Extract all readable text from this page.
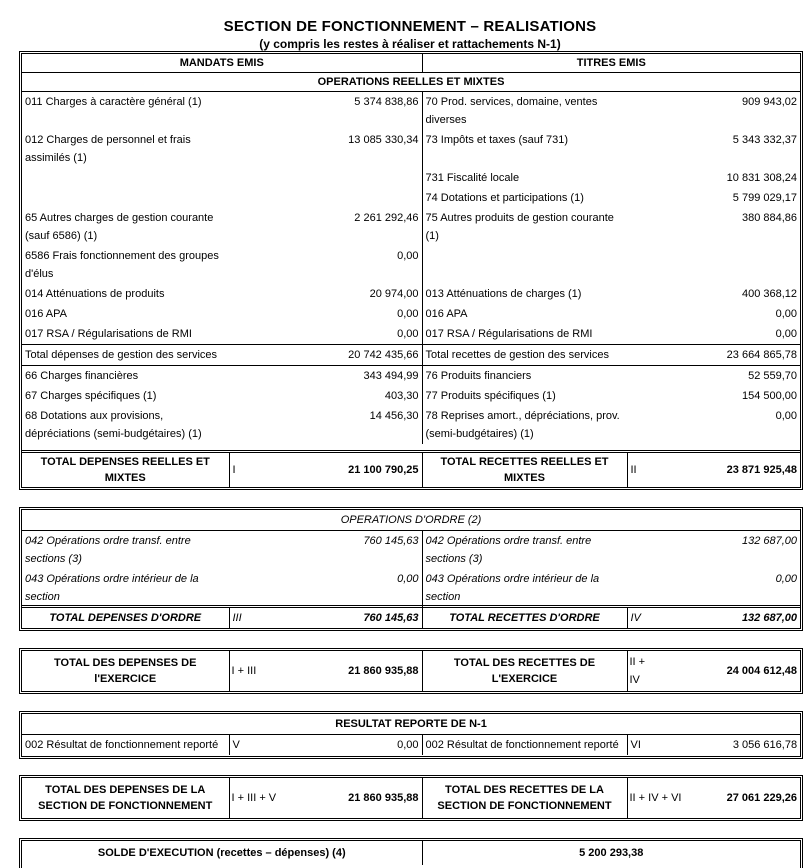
SECTION DE FONCTIONNEMENT – REALISATIONS
(y compris les restes à réaliser et rattachements N-1)
MANDATS EMIS		TITRES EMIS	
OPERATIONS REELLES ET MIXTES			
011 Charges à caractère général (1)	5 374 838,86	70 Prod. services, domaine, ventes diverses	909 943,02
012 Charges de personnel et frais assimilés (1)	13 085 330,34	73 Impôts et taxes (sauf 731)	5 343 332,37
		731 Fiscalité locale	10 831 308,24
		74 Dotations et participations (1)	5 799 029,17
65 Autres charges de gestion courante (sauf 6586) (1)	2 261 292,46	75 Autres produits de gestion courante (1)	380 884,86
6586 Frais fonctionnement des groupes d'élus	0,00		
014 Atténuations de produits	20 974,00	013 Atténuations de charges (1)	400 368,12
016 APA	0,00	016 APA	0,00
017 RSA / Régularisations de RMI	0,00	017 RSA / Régularisations de RMI	0,00
Total dépenses de gestion des services	20 742 435,66	Total recettes de gestion des services	23 664 865,78
66 Charges financières	343 494,99	76 Produits financiers	52 559,70
67 Charges spécifiques (1)	403,30	77 Produits spécifiques (1)	154 500,00
68 Dotations aux provisions, dépréciations (semi-budgétaires) (1)	14 456,30	78 Reprises amort., dépréciations, prov. (semi-budgétaires) (1)	0,00
TOTAL DEPENSES REELLES ET MIXTES	I	21 100 790,25	TOTAL RECETTES REELLES ET MIXTES	II	23 871 925,48
OPERATIONS D'ORDRE (2)			
042 Opérations ordre transf. entre sections (3)	760 145,63	042 Opérations ordre transf. entre sections (3)	132 687,00
043 Opérations ordre intérieur de la section	0,00	043 Opérations ordre intérieur de la section	0,00
TOTAL DEPENSES D'ORDRE	III	760 145,63	TOTAL RECETTES D'ORDRE	IV	132 687,00
TOTAL DES DEPENSES DE l'EXERCICE	I + III	21 860 935,88	TOTAL DES RECETTES DE L'EXERCICE	II + IV	24 004 612,48
RESULTAT REPORTE DE N-1
002 Résultat de fonctionnement reporté	V	0,00	002 Résultat de fonctionnement reporté	VI	3 056 616,78
TOTAL DES DEPENSES DE LA SECTION DE FONCTIONNEMENT	I + III + V	21 860 935,88	TOTAL DES RECETTES DE LA SECTION DE FONCTIONNEMENT	II + IV + VI	27 061 229,26
SOLDE D'EXECUTION (recettes – dépenses) (4)	5 200 293,38
